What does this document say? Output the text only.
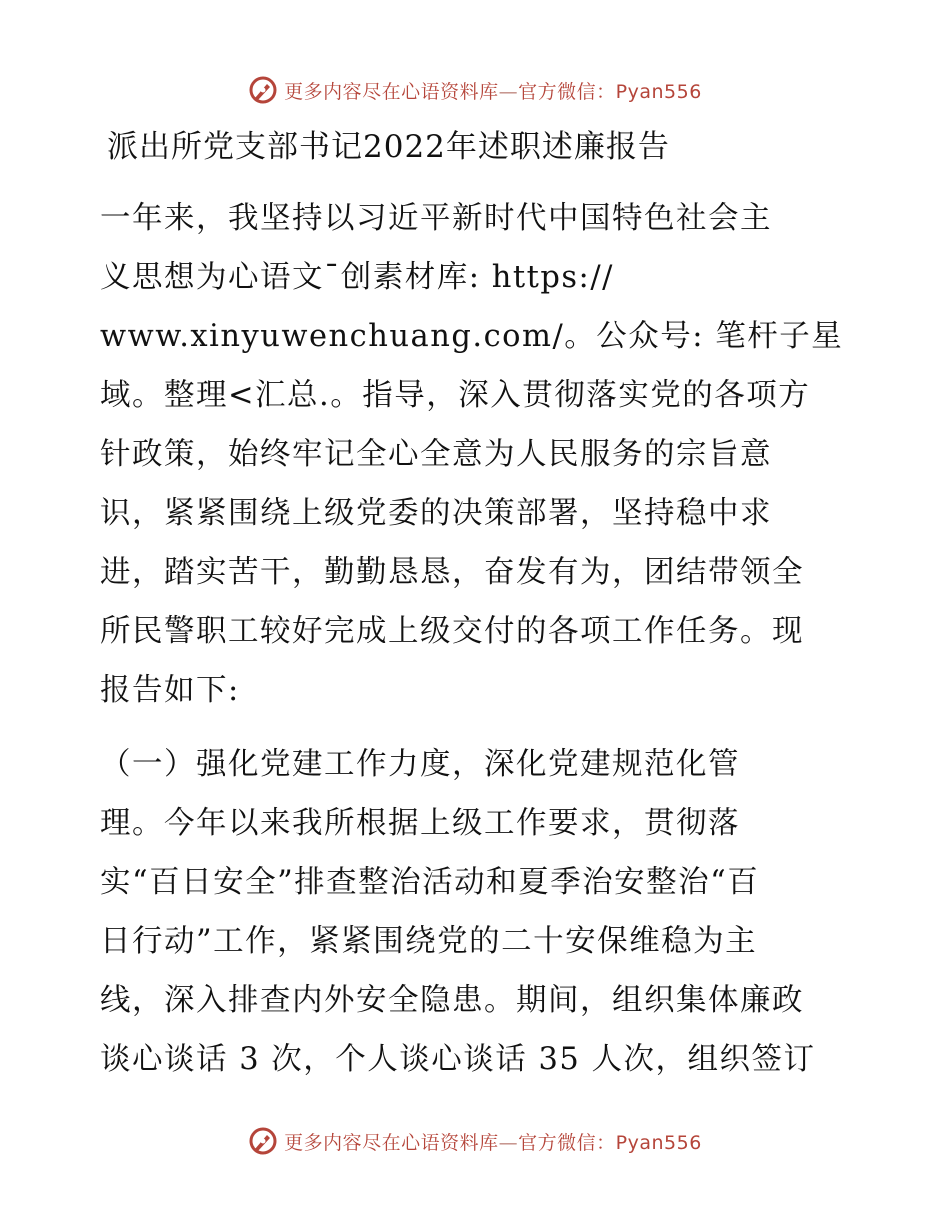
更多内容尽在心语资料库—官方微信：Pyan556
派出所党支部书记2022年述职述廉报告
一年来，我坚持以习近平新时代中国特色社会主
义思想为心语文¯创素材库: https://
www.xinyuwenchuang.com/。公众号: 笔杆子星
域。整理<汇总.。指导，深入贯彻落实党的各项方
针政策，始终牢记全心全意为人民服务的宗旨意
识，紧紧围绕上级党委的决策部署，坚持稳中求
进，踏实苦干，勤勤恳恳，奋发有为，团结带领全
所民警职工较好完成上级交付的各项工作任务。现
报告如下:
（一）强化党建工作力度，深化党建规范化管
理。今年以来我所根据上级工作要求，贯彻落
实“百日安全”排查整治活动和夏季治安整治“百
日行动”工作，紧紧围绕党的二十安保维稳为主
线，深入排查内外安全隐患。期间，组织集体廉政
谈心谈话 3 次，个人谈心谈话 35 人次，组织签订
更多内容尽在心语资料库—官方微信：Pyan556
